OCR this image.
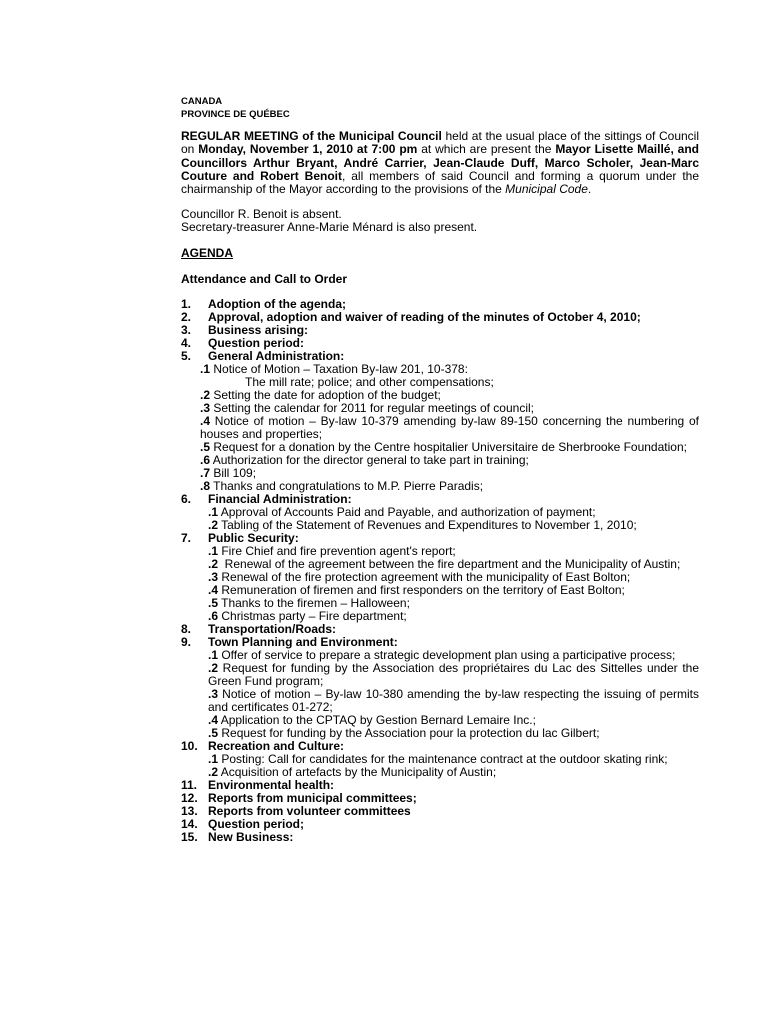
CANADA
PROVINCE DE QUÉBEC
REGULAR MEETING of the Municipal Council held at the usual place of the sittings of Council on Monday, November 1, 2010 at 7:00 pm at which are present the Mayor Lisette Maillé, and Councillors Arthur Bryant, André Carrier, Jean-Claude Duff, Marco Scholer, Jean-Marc Couture and Robert Benoit, all members of said Council and forming a quorum under the chairmanship of the Mayor according to the provisions of the Municipal Code.
Councillor R. Benoit is absent.
Secretary-treasurer Anne-Marie Ménard is also present.
AGENDA
Attendance and Call to Order
1.	Adoption of the agenda;
2.	Approval, adoption and waiver of reading of the minutes of October 4, 2010;
3.	Business arising:
4.	Question period:
5.	General Administration:
.1 Notice of Motion – Taxation By-law 201, 10-378:
The mill rate; police; and other compensations;
.2 Setting the date for adoption of the budget;
.3 Setting the calendar for 2011 for regular meetings of council;
.4 Notice of motion – By-law 10-379 amending by-law 89-150 concerning the numbering of houses and properties;
.5 Request for a donation by the Centre hospitalier Universitaire de Sherbrooke Foundation;
.6 Authorization for the director general to take part in training;
.7 Bill 109;
.8 Thanks and congratulations to M.P. Pierre Paradis;
6.	Financial Administration:
.1 Approval of Accounts Paid and Payable, and authorization of payment;
.2 Tabling of the Statement of Revenues and Expenditures to November 1, 2010;
7.	Public Security:
.1 Fire Chief and fire prevention agent's report;
.2  Renewal of the agreement between the fire department and the Municipality of Austin;
.3 Renewal of the fire protection agreement with the municipality of East Bolton;
.4 Remuneration of firemen and first responders on the territory of East Bolton;
.5 Thanks to the firemen – Halloween;
.6 Christmas party – Fire department;
8.	Transportation/Roads:
9.	Town Planning and Environment:
.1 Offer of service to prepare a strategic development plan using a participative process;
.2 Request for funding by the Association des propriétaires du Lac des Sittelles under the Green Fund program;
.3 Notice of motion – By-law 10-380 amending the by-law respecting the issuing of permits and certificates 01-272;
.4 Application to the CPTAQ by Gestion Bernard Lemaire Inc.;
.5 Request for funding by the Association pour la protection du lac Gilbert;
10. Recreation and Culture:
.1 Posting: Call for candidates for the maintenance contract at the outdoor skating rink;
.2 Acquisition of artefacts by the Municipality of Austin;
11. Environmental health:
12. Reports from municipal committees;
13. Reports from volunteer committees
14. Question period;
15. New Business:
